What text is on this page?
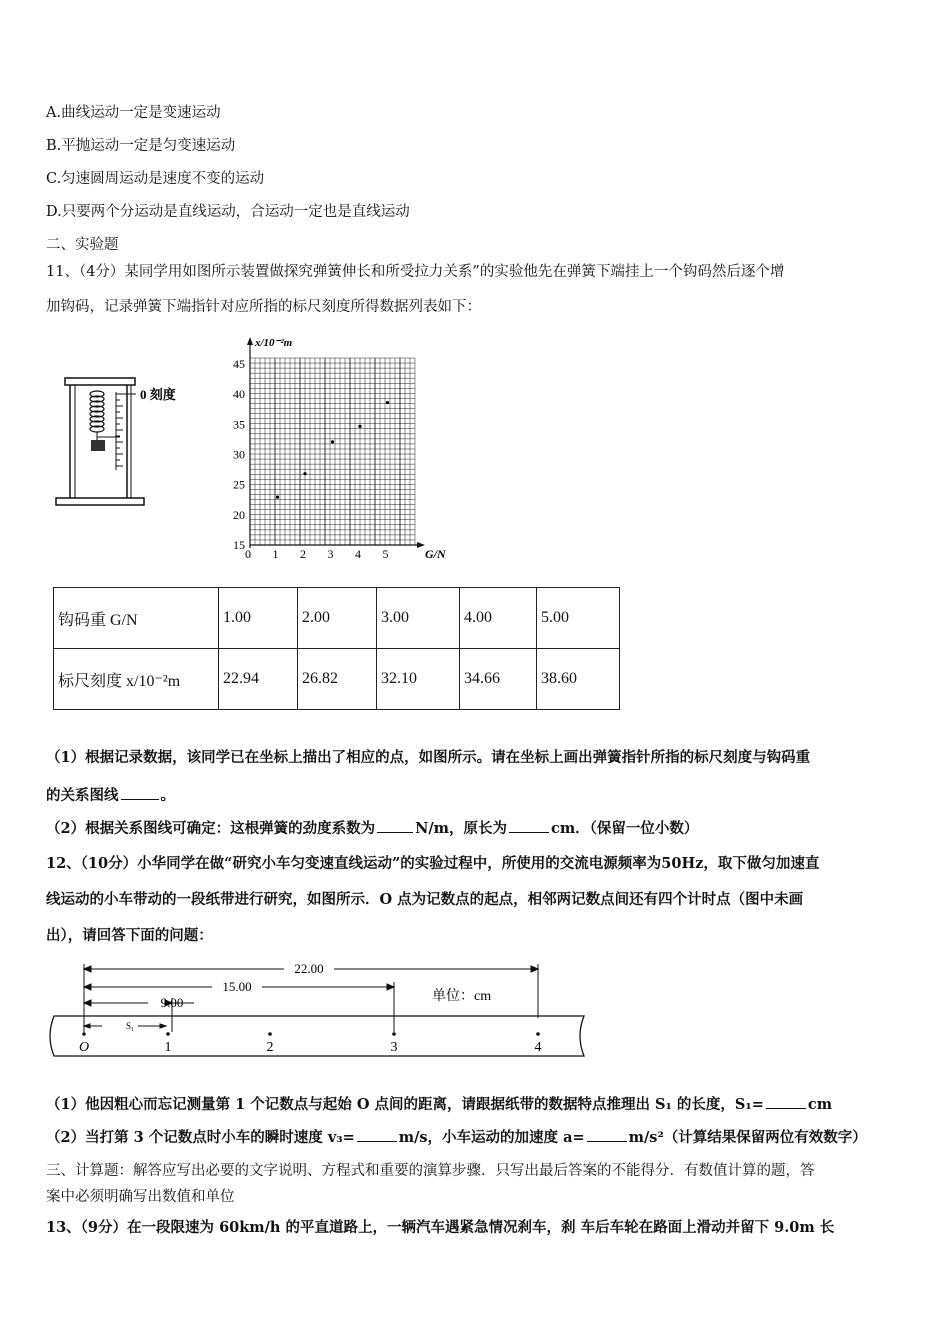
A.曲线运动一定是变速运动
B.平抛运动一定是匀变速运动
C.匀速圆周运动是速度不变的运动
D.只要两个分运动是直线运动，合运动一定也是直线运动
二、实验题
11、（4分）某同学用如图所示装置做探究弹簧伸长和所受拉力关系”的实验他先在弹簧下端挂上一个钩码然后逐个增
加钩码，记录弹簧下端指针对应所指的标尺刻度所得数据列表如下：
0 刻度
x/10⁻²m
G/N
45
40
35
30
25
20
15
0 1 2 3 4 5
钩码重 G/N	1.00	2.00	3.00	4.00	5.00
标尺刻度 x/10⁻²m	22.94	26.82	32.10	34.66	38.60
（1）根据记录数据，该同学已在坐标上描出了相应的点，如图所示。请在坐标上画出弹簧指针所指的标尺刻度与钩码重
的关系图线	。
（2）根据关系图线可确定：这根弹簧的劲度系数为	N/m，原长为	cm．（保留一位小数）
12、（10分）小华同学在做“研究小车匀变速直线运动”的实验过程中，所使用的交流电源频率为50Hz，取下做匀加速直
线运动的小车带动的一段纸带进行研究，如图所示．O 点为记数点的起点，相邻两记数点间还有四个计时点（图中未画
出），请回答下面的问题：
22.00
15.00
9.00
S₁
单位：cm
O	1	2	3	4
（1）他因粗心而忘记测量第 1 个记数点与起始 O 点间的距离，请跟据纸带的数据特点推理出 S₁ 的长度，S₁=	cm
（2）当打第 3 个记数点时小车的瞬时速度 v₃=	m/s，小车运动的加速度 a=	m/s²（计算结果保留两位有效数字）
三、计算题：解答应写出必要的文字说明、方程式和重要的演算步骤．只写出最后答案的不能得分．有数值计算的题，答
案中必须明确写出数值和单位
13、（9分）在一段限速为 60km/h 的平直道路上，一辆汽车遇紧急情况刹车，刹 车后车轮在路面上滑动并留下 9.0m 长
